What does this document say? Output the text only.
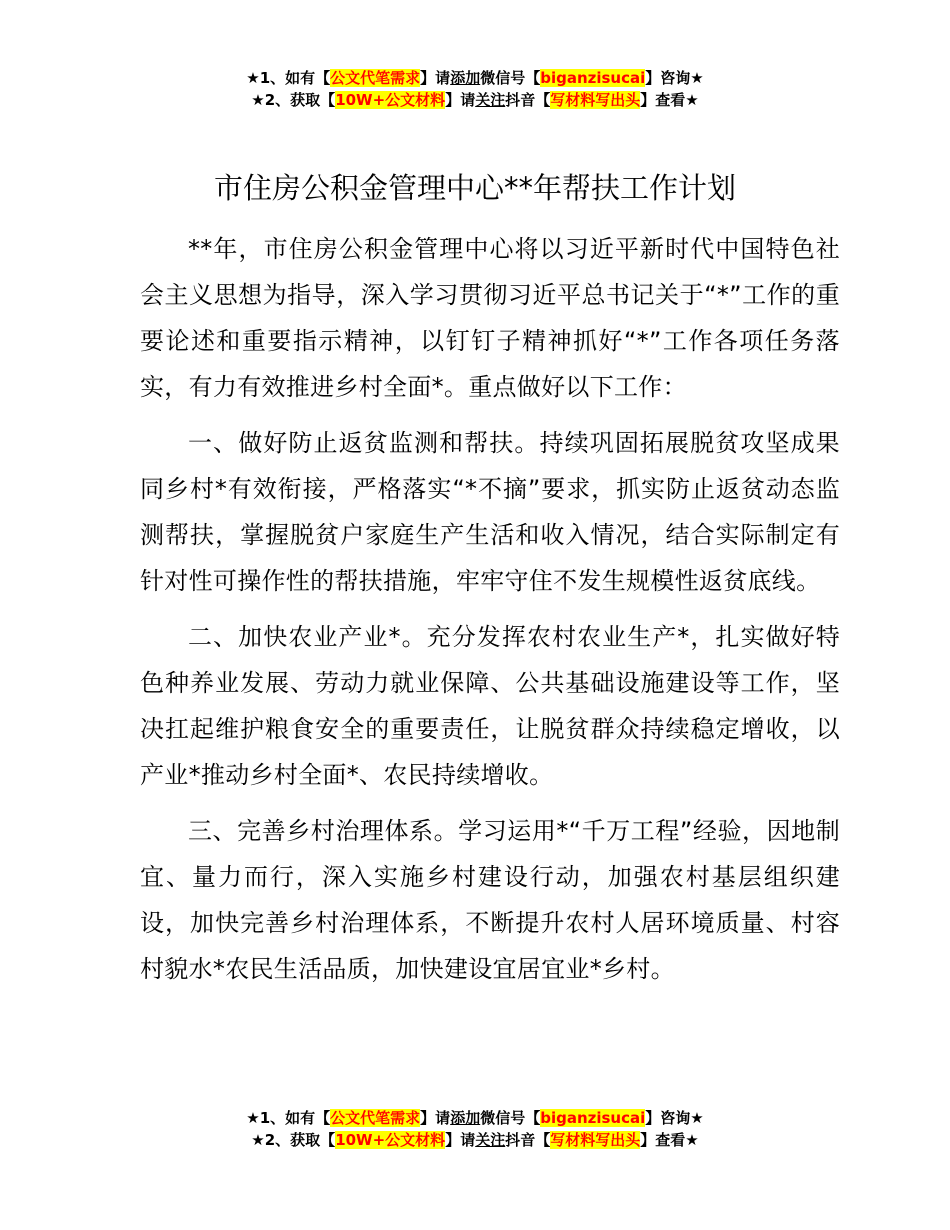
★1、如有【公文代笔需求】请添加微信号【biganzisucai】咨询★
★2、获取【10W+公文材料】请关注抖音【写材料写出头】查看★
市住房公积金管理中心**年帮扶工作计划

**年，市住房公积金管理中心将以习近平新时代中国特色社会主义思想为指导，深入学习贯彻习近平总书记关于“*”工作的重要论述和重要指示精神，以钉钉子精神抓好“*”工作各项任务落实，有力有效推进乡村全面*。重点做好以下工作：

一、做好防止返贫监测和帮扶。持续巩固拓展脱贫攻坚成果同乡村*有效衔接，严格落实“*不摘”要求，抓实防止返贫动态监测帮扶，掌握脱贫户家庭生产生活和收入情况，结合实际制定有针对性可操作性的帮扶措施，牢牢守住不发生规模性返贫底线。

二、加快农业产业*。充分发挥农村农业生产*，扎实做好特色种养业发展、劳动力就业保障、公共基础设施建设等工作，坚决扛起维护粮食安全的重要责任，让脱贫群众持续稳定增收，以产业*推动乡村全面*、农民持续增收。

三、完善乡村治理体系。学习运用*“千万工程”经验，因地制宜、量力而行，深入实施乡村建设行动，加强农村基层组织建设，加快完善乡村治理体系，不断提升农村人居环境质量、村容村貌水*农民生活品质，加快建设宜居宜业*乡村。

★1、如有【公文代笔需求】请添加微信号【biganzisucai】咨询★
★2、获取【10W+公文材料】请关注抖音【写材料写出头】查看★
